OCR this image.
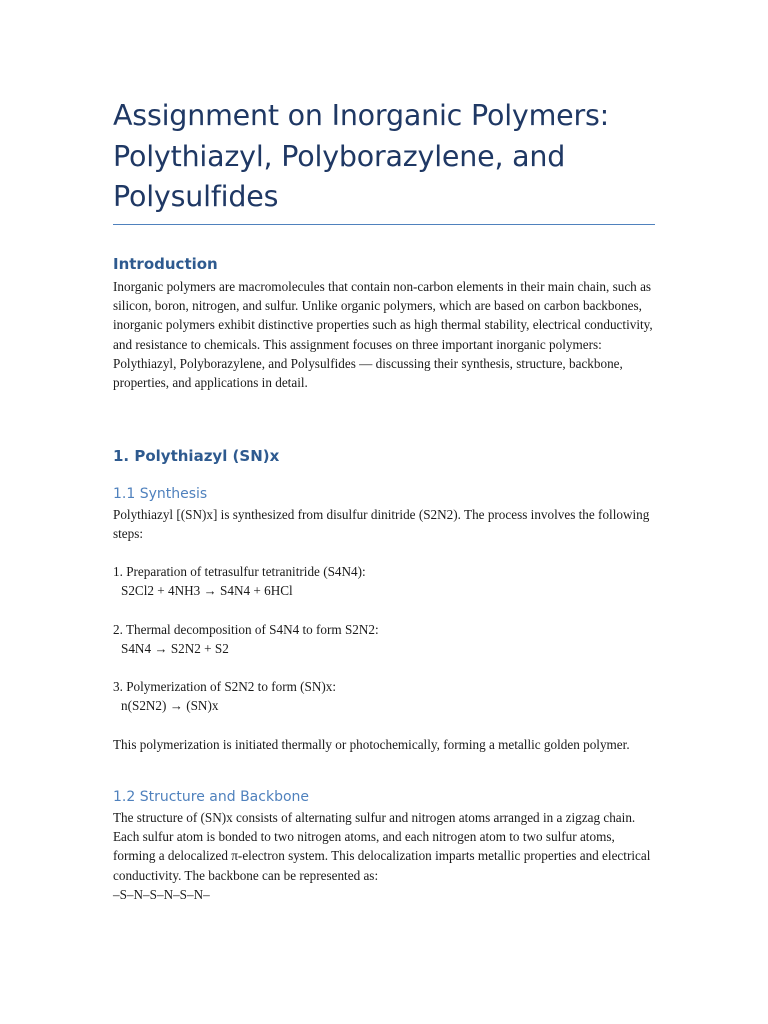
Assignment on Inorganic Polymers: Polythiazyl, Polyborazylene, and Polysulfides
Introduction

Inorganic polymers are macromolecules that contain non-carbon elements in their main chain, such as silicon, boron, nitrogen, and sulfur. Unlike organic polymers, which are based on carbon backbones, inorganic polymers exhibit distinctive properties such as high thermal stability, electrical conductivity, and resistance to chemicals. This assignment focuses on three important inorganic polymers: Polythiazyl, Polyborazylene, and Polysulfides — discussing their synthesis, structure, backbone, properties, and applications in detail.

1. Polythiazyl (SN)x
1.1 Synthesis

Polythiazyl [(SN)x] is synthesized from disulfur dinitride (S2N2). The process involves the following steps:

1. Preparation of tetrasulfur tetranitride (S4N4):

S2Cl2 + 4NH3 → S4N4 + 6HCl

2. Thermal decomposition of S4N4 to form S2N2:

S4N4 → S2N2 + S2

3. Polymerization of S2N2 to form (SN)x:

n(S2N2) → (SN)x

This polymerization is initiated thermally or photochemically, forming a metallic golden polymer.

1.2 Structure and Backbone

The structure of (SN)x consists of alternating sulfur and nitrogen atoms arranged in a zigzag chain. Each sulfur atom is bonded to two nitrogen atoms, and each nitrogen atom to two sulfur atoms, forming a delocalized π-electron system. This delocalization imparts metallic properties and electrical conductivity. The backbone can be represented as:

–S–N–S–N–S–N–
